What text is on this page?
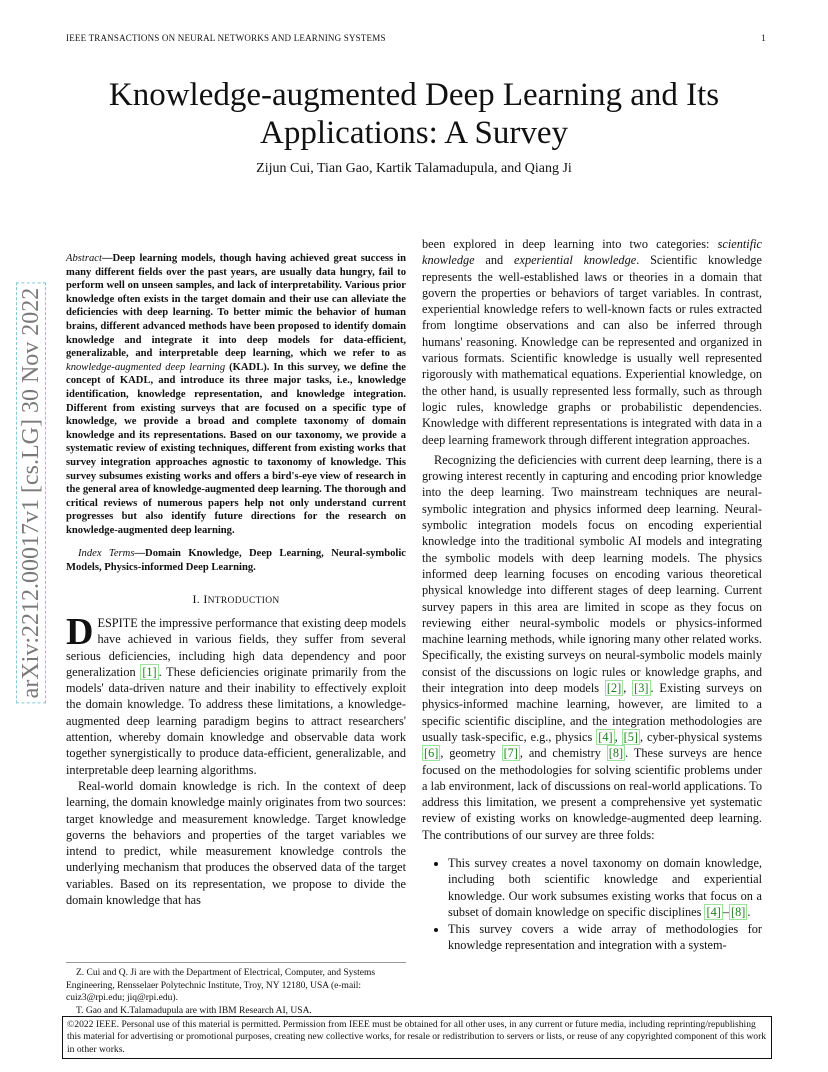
IEEE TRANSACTIONS ON NEURAL NETWORKS AND LEARNING SYSTEMS	1
arXiv:2212.00017v1 [cs.LG] 30 Nov 2022
Knowledge-augmented Deep Learning and Its Applications: A Survey
Zijun Cui, Tian Gao, Kartik Talamadupula, and Qiang Ji

Abstract—Deep learning models, though having achieved great success in many different fields over the past years, are usually data hungry, fail to perform well on unseen samples, and lack of interpretability. Various prior knowledge often exists in the target domain and their use can alleviate the deficiencies with deep learning. To better mimic the behavior of human brains, different advanced methods have been proposed to identify domain knowledge and integrate it into deep models for data-efficient, generalizable, and interpretable deep learning, which we refer to as knowledge-augmented deep learning (KADL). In this survey, we define the concept of KADL, and introduce its three major tasks, i.e., knowledge identification, knowledge representation, and knowledge integration. Different from existing surveys that are focused on a specific type of knowledge, we provide a broad and complete taxonomy of domain knowledge and its representations. Based on our taxonomy, we provide a systematic review of existing techniques, different from existing works that survey integration approaches agnostic to taxonomy of knowledge. This survey subsumes existing works and offers a bird's-eye view of research in the general area of knowledge-augmented deep learning. The thorough and critical reviews of numerous papers help not only understand current progresses but also identify future directions for the research on knowledge-augmented deep learning.

Index Terms—Domain Knowledge, Deep Learning, Neural-symbolic Models, Physics-informed Deep Learning.

I. INTRODUCTION

DESPITE the impressive performance that existing deep models have achieved in various fields, they suffer from several serious deficiencies, including high data dependency and poor generalization [1] . These deficiencies originate primarily from the models' data-driven nature and their inability to effectively exploit the domain knowledge. To address these limitations, a knowledge-augmented deep learning paradigm begins to attract researchers' attention, whereby domain knowledge and observable data work together synergistically to produce data-efficient, generalizable, and interpretable deep learning algorithms.

Real-world domain knowledge is rich. In the context of deep learning, the domain knowledge mainly originates from two sources: target knowledge and measurement knowledge. Target knowledge governs the behaviors and properties of the target variables we intend to predict, while measurement knowledge controls the underlying mechanism that produces the observed data of the target variables. Based on its representation, we propose to divide the domain knowledge that has

been explored in deep learning into two categories: scientific knowledge and experiential knowledge. Scientific knowledge represents the well-established laws or theories in a domain that govern the properties or behaviors of target variables. In contrast, experiential knowledge refers to well-known facts or rules extracted from longtime observations and can also be inferred through humans' reasoning. Knowledge can be represented and organized in various formats. Scientific knowledge is usually well represented rigorously with mathematical equations. Experiential knowledge, on the other hand, is usually represented less formally, such as through logic rules, knowledge graphs or probabilistic dependencies. Knowledge with different representations is integrated with data in a deep learning framework through different integration approaches.

Recognizing the deficiencies with current deep learning, there is a growing interest recently in capturing and encoding prior knowledge into the deep learning. Two mainstream techniques are neural-symbolic integration and physics informed deep learning. Neural-symbolic integration models focus on encoding experiential knowledge into the traditional symbolic AI models and integrating the symbolic models with deep learning models. The physics informed deep learning focuses on encoding various theoretical physical knowledge into different stages of deep learning. Current survey papers in this area are limited in scope as they focus on reviewing either neural-symbolic models or physics-informed machine learning methods, while ignoring many other related works. Specifically, the existing surveys on neural-symbolic models mainly consist of the discussions on logic rules or knowledge graphs, and their integration into deep models [2] , [3] . Existing surveys on physics-informed machine learning, however, are limited to a specific scientific discipline, and the integration methodologies are usually task-specific, e.g., physics [4] , [5] , cyber-physical systems [6] , geometry [7] , and chemistry [8] . These surveys are hence focused on the methodologies for solving scientific problems under a lab environment, lack of discussions on real-world applications. To address this limitation, we present a comprehensive yet systematic review of existing works on knowledge-augmented deep learning. The contributions of our survey are three folds:

• This survey creates a novel taxonomy on domain knowledge, including both scientific knowledge and experiential knowledge. Our work subsumes existing works that focus on a subset of domain knowledge on specific disciplines [4] – [8] .
• This survey covers a wide array of methodologies for knowledge representation and integration with a system-

Z. Cui and Q. Ji are with the Department of Electrical, Computer, and Systems Engineering, Rensselaer Polytechnic Institute, Troy, NY 12180, USA (e-mail: cuiz3@rpi.edu; jiq@rpi.edu).

T. Gao and K.Talamadupula are with IBM Research AI, USA.

©2022 IEEE. Personal use of this material is permitted. Permission from IEEE must be obtained for all other uses, in any current or future media, including reprinting/republishing this material for advertising or promotional purposes, creating new collective works, for resale or redistribution to servers or lists, or reuse of any copyrighted component of this work in other works.
